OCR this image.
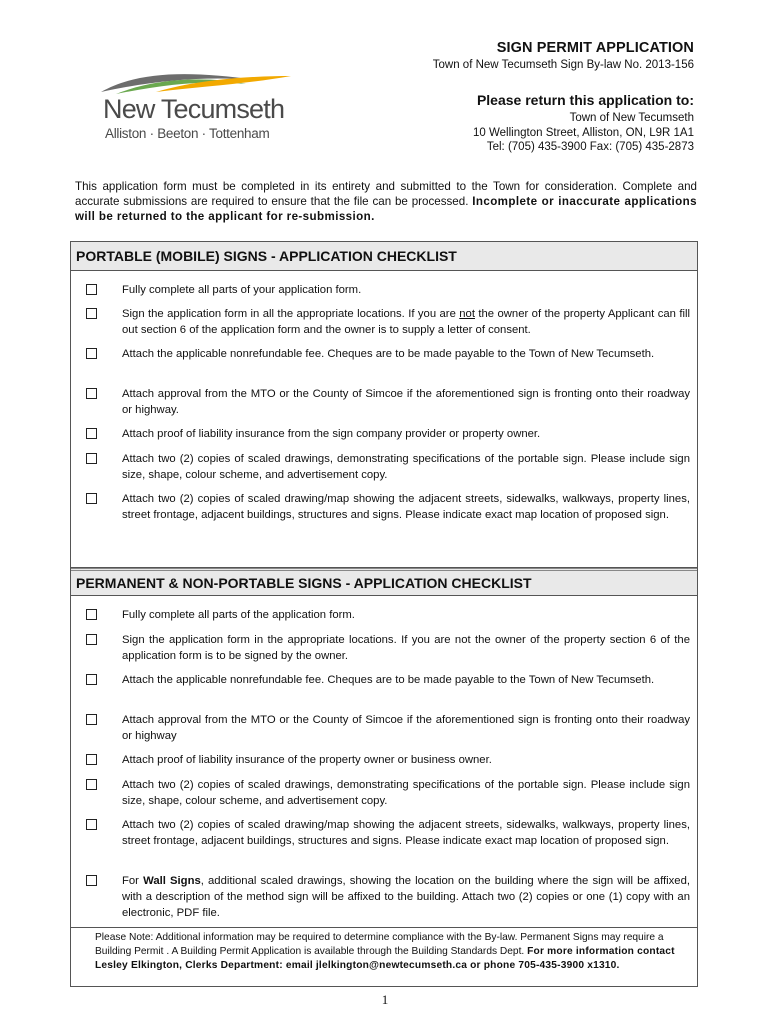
New Tecumseth
Alliston · Beeton · Tottenham
SIGN PERMIT APPLICATION
Town of New Tecumseth Sign By-law No. 2013-156
Please return this application to:
Town of New Tecumseth
10 Wellington Street, Alliston, ON, L9R 1A1
Tel: (705) 435-3900 Fax: (705) 435-2873
This application form must be completed in its entirety and submitted to the Town for consideration. Complete and accurate submissions are required to ensure that the file can be processed. Incomplete or inaccurate applications will be returned to the applicant for re-submission.
PORTABLE (MOBILE) SIGNS - APPLICATION CHECKLIST
Fully complete all parts of your application form.
Sign the application form in all the appropriate locations. If you are not the owner of the property Applicant can fill out section 6 of the application form and the owner is to supply a letter of consent.
Attach the applicable nonrefundable fee. Cheques are to be made payable to the Town of New Tecumseth.
Attach approval from the MTO or the County of Simcoe if the aforementioned sign is fronting onto their roadway or highway.
Attach proof of liability insurance from the sign company provider or property owner.
Attach two (2) copies of scaled drawings, demonstrating specifications of the portable sign. Please include sign size, shape, colour scheme, and advertisement copy.
Attach two (2) copies of scaled drawing/map showing the adjacent streets, sidewalks, walkways, property lines, street frontage, adjacent buildings, structures and signs. Please indicate exact map location of proposed sign.
PERMANENT & NON-PORTABLE SIGNS - APPLICATION CHECKLIST
Fully complete all parts of the application form.
Sign the application form in the appropriate locations. If you are not the owner of the property section 6 of the application form is to be signed by the owner.
Attach the applicable nonrefundable fee. Cheques are to be made payable to the Town of New Tecumseth.
Attach approval from the MTO or the County of Simcoe if the aforementioned sign is fronting onto their roadway or highway
Attach proof of liability insurance of the property owner or business owner.
Attach two (2) copies of scaled drawings, demonstrating specifications of the portable sign. Please include sign size, shape, colour scheme, and advertisement copy.
Attach two (2) copies of scaled drawing/map showing the adjacent streets, sidewalks, walkways, property lines, street frontage, adjacent buildings, structures and signs. Please indicate exact map location of proposed sign.
For Wall Signs, additional scaled drawings, showing the location on the building where the sign will be affixed, with a description of the method sign will be affixed to the building. Attach two (2) copies or one (1) copy with an electronic, PDF file.
Please Note: Additional information may be required to determine compliance with the By-law. Permanent Signs may require a Building Permit . A Building Permit Application is available through the Building Standards Dept. For more information contact Lesley Elkington, Clerks Department: email jlelkington@newtecumseth.ca or phone 705-435-3900 x1310.
1
